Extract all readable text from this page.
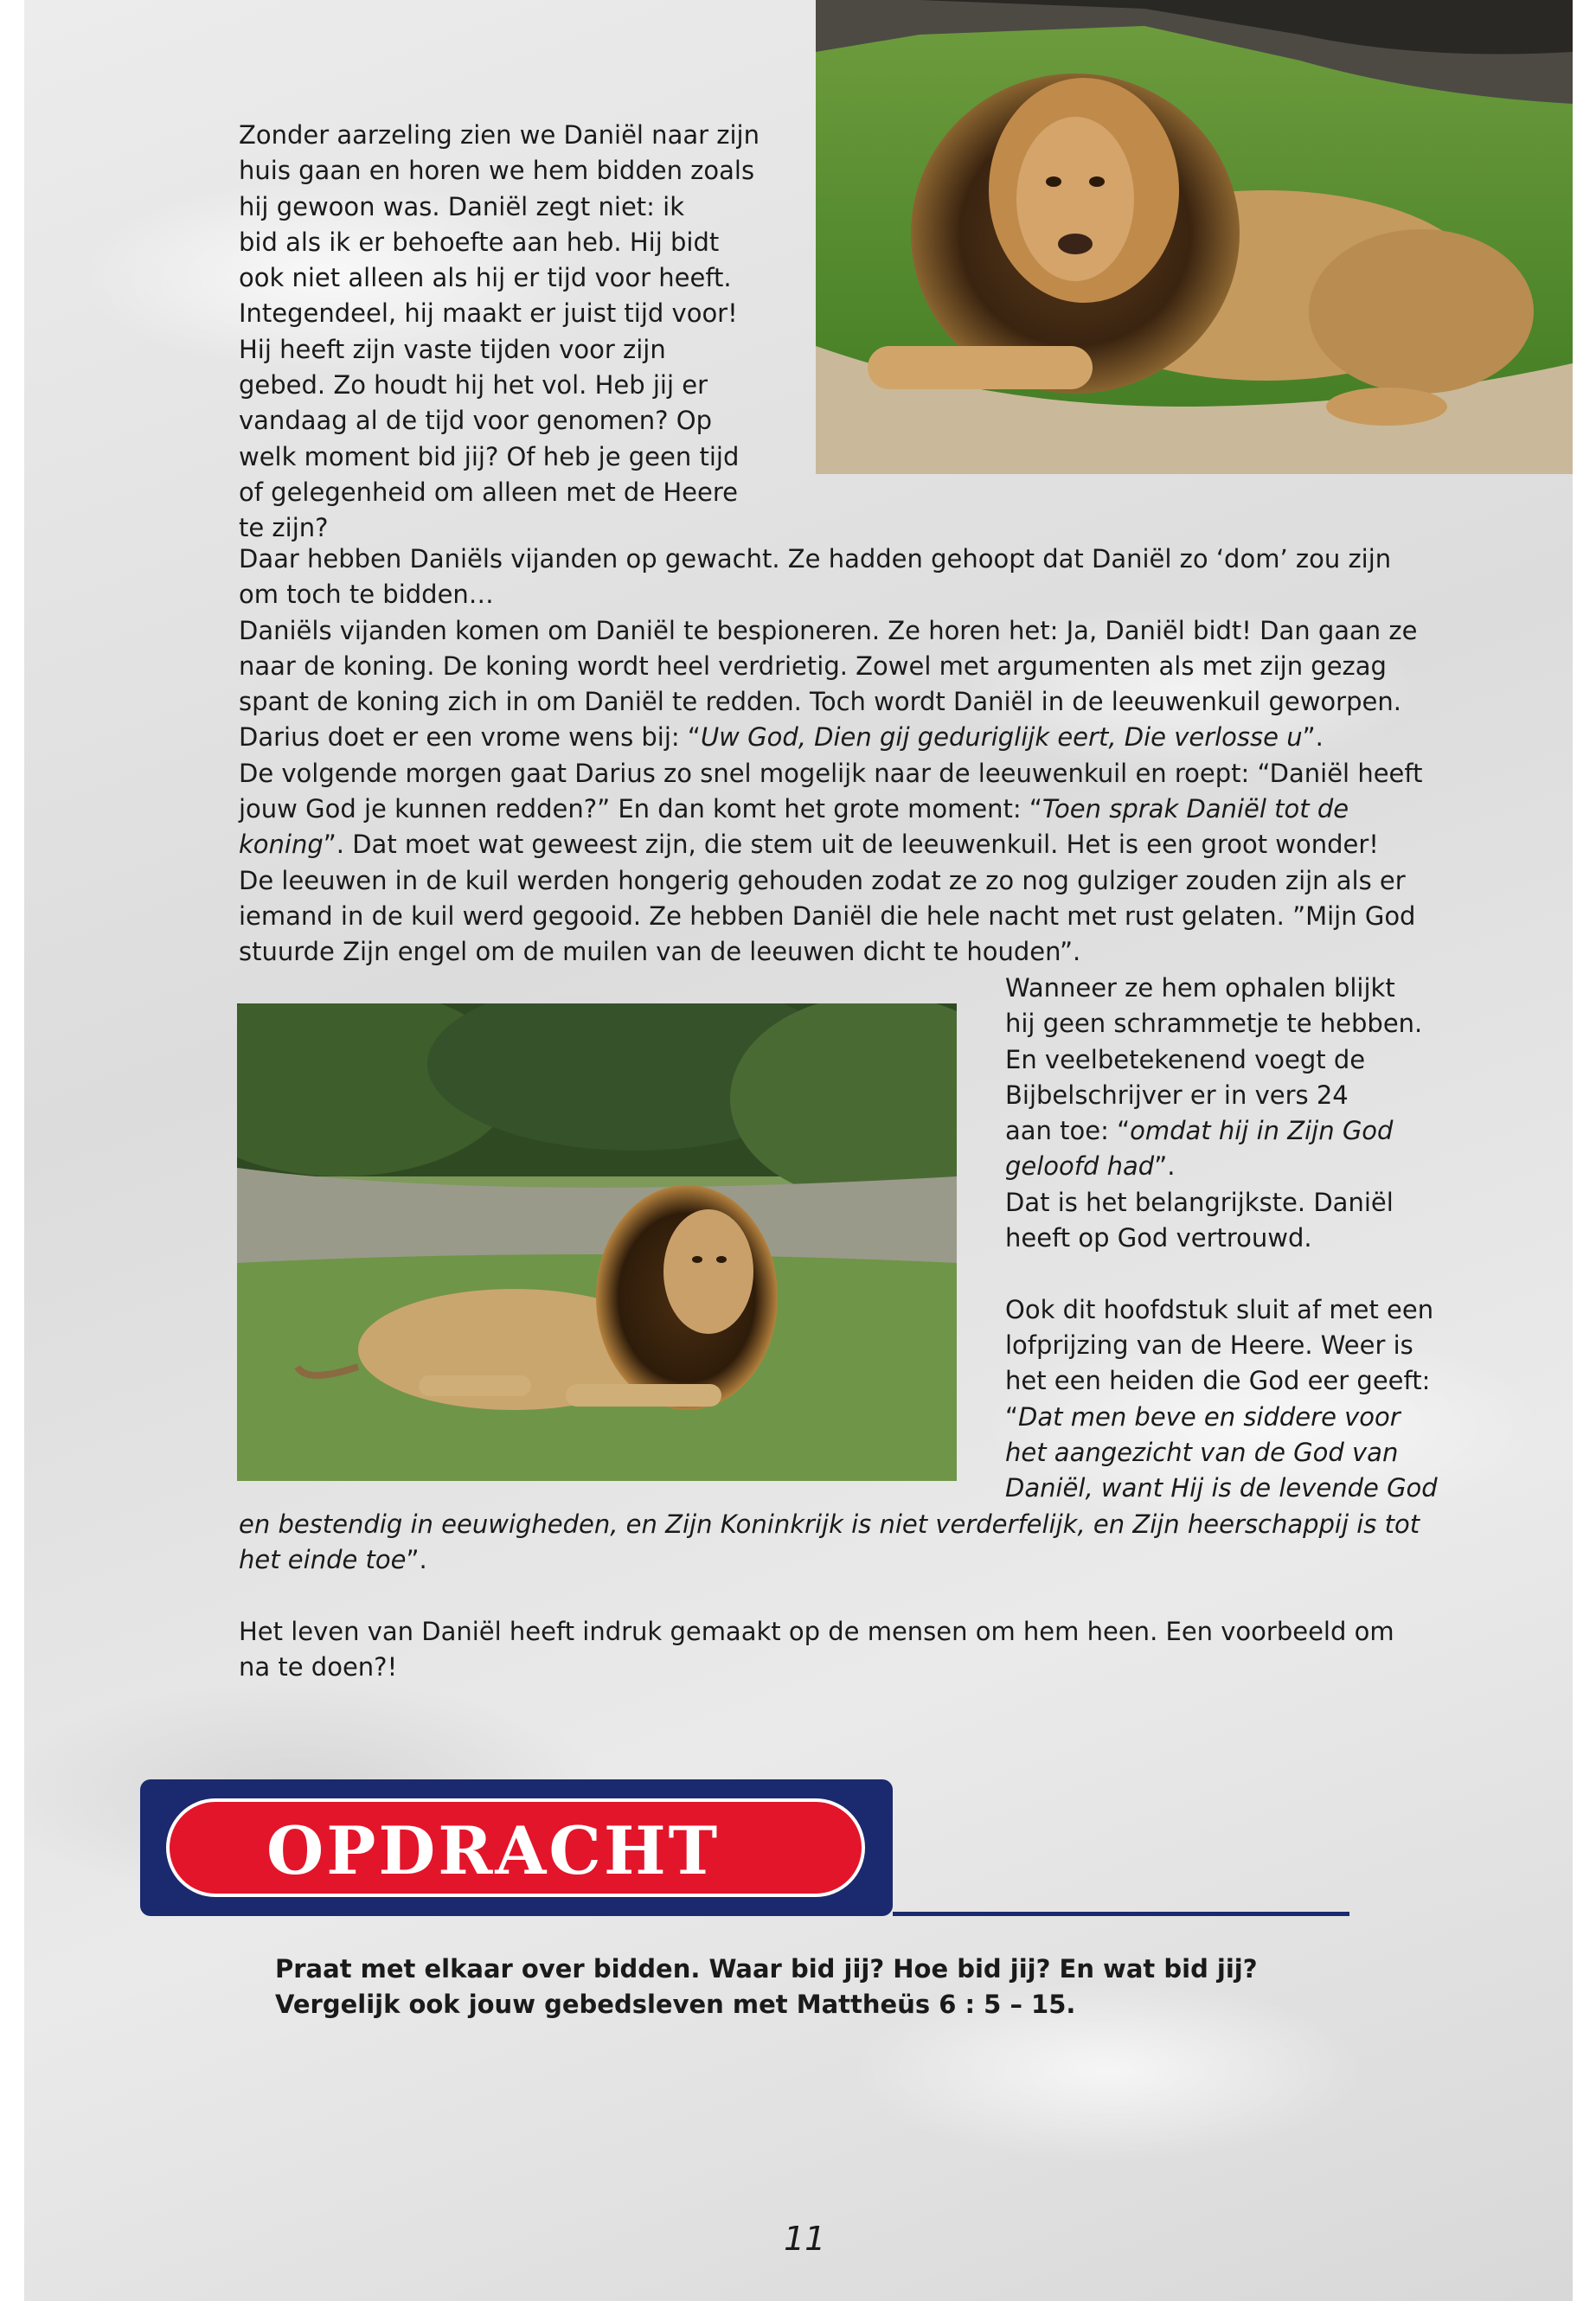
Zonder aarzeling zien we Daniël naar zijn

huis gaan en horen we hem bidden zoals

hij gewoon was. Daniël zegt niet: ik

bid als ik er behoefte aan heb. Hij bidt

ook niet alleen als hij er tijd voor heeft.

Integendeel, hij maakt er juist tijd voor!

Hij heeft zijn vaste tijden voor zijn

gebed. Zo houdt hij het vol. Heb jij er

vandaag al de tijd voor genomen? Op

welk moment bid jij? Of heb je geen tijd

of gelegenheid om alleen met de Heere

te zijn?

Daar hebben Daniëls vijanden op gewacht. Ze hadden gehoopt dat Daniël zo ‘dom’ zou zijn

om toch te bidden…

Daniëls vijanden komen om Daniël te bespioneren. Ze horen het: Ja, Daniël bidt! Dan gaan ze

naar de koning. De koning wordt heel verdrietig. Zowel met argumenten als met zijn gezag

spant de koning zich in om Daniël te redden. Toch wordt Daniël in de leeuwenkuil geworpen.

Darius doet er een vrome wens bij: “Uw God, Dien gij geduriglijk eert, Die verlosse u”.

De volgende morgen gaat Darius zo snel mogelijk naar de leeuwenkuil en roept: “Daniël heeft

jouw God je kunnen redden?” En dan komt het grote moment: “Toen sprak Daniël tot de

koning”. Dat moet wat geweest zijn, die stem uit de leeuwenkuil. Het is een groot wonder!

De leeuwen in de kuil werden hongerig gehouden zodat ze zo nog gulziger zouden zijn als er

iemand in de kuil werd gegooid. Ze hebben Daniël die hele nacht met rust gelaten. ”Mijn God

stuurde Zijn engel om de muilen van de leeuwen dicht te houden”.

Wanneer ze hem ophalen blijkt

hij geen schrammetje te hebben.

En veelbetekenend voegt de

Bijbelschrijver er in vers 24

aan toe: “omdat hij in Zijn God

geloofd had”.

Dat is het belangrijkste. Daniël

heeft op God vertrouwd.

Ook dit hoofdstuk sluit af met een

lofprijzing van de Heere. Weer is

het een heiden die God eer geeft:

“Dat men beve en siddere voor

het aangezicht van de God van

Daniël, want Hij is de levende God

en bestendig in eeuwigheden, en Zijn Koninkrijk is niet verderfelijk, en Zijn heerschappij is tot

het einde toe”.

Het leven van Daniël heeft indruk gemaakt op de mensen om hem heen. Een voorbeeld om

na te doen?!

OPDRACHT

Praat met elkaar over bidden. Waar bid jij? Hoe bid jij? En wat bid jij?

Vergelijk ook jouw gebedsleven met Mattheüs 6 : 5 – 15.

11
